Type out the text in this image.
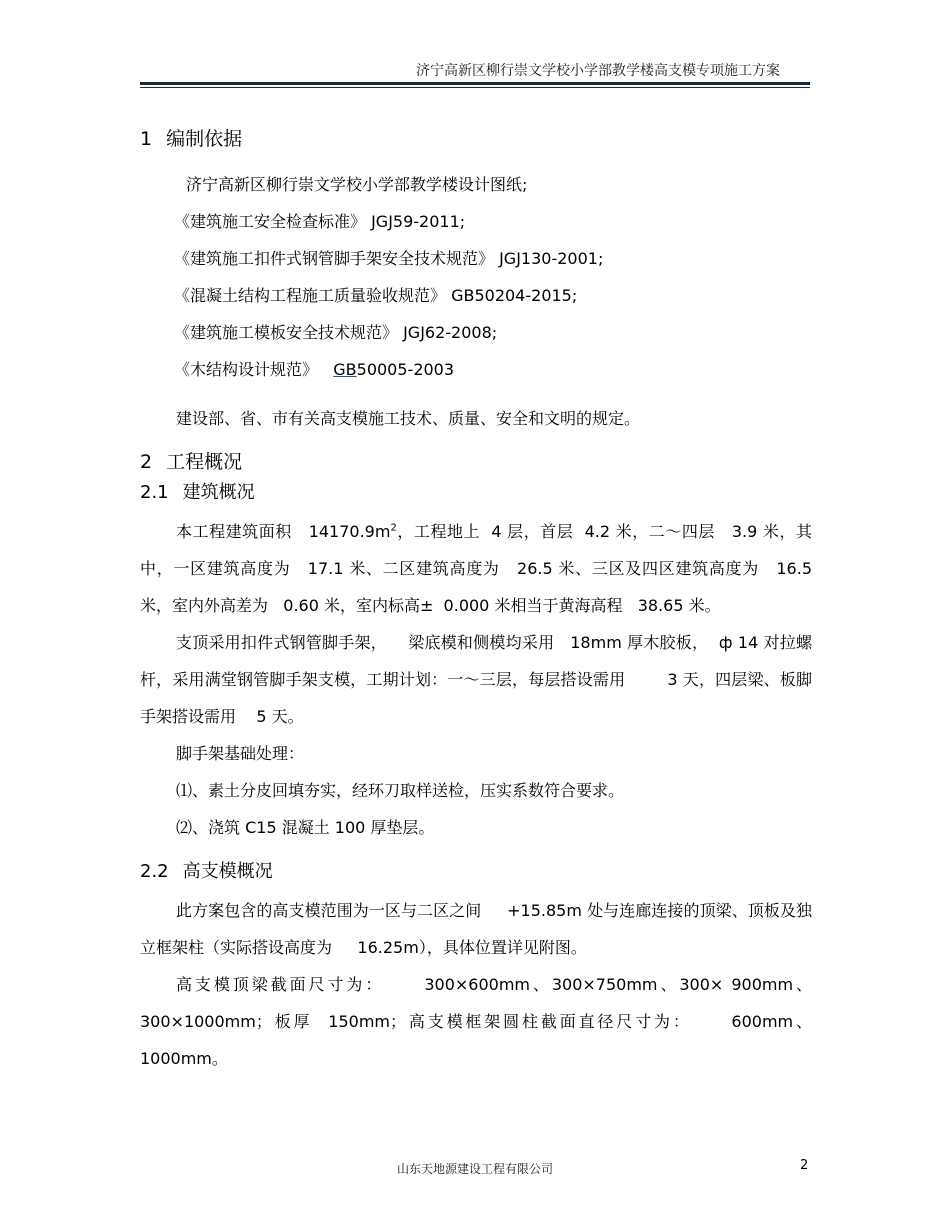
济宁高新区柳行崇文学校小学部教学楼高支模专项施工方案
1 编制依据

济宁高新区柳行崇文学校小学部教学楼设计图纸;

《建筑施工安全检查标准》 JGJ59-2011;

《建筑施工扣件式钢管脚手架安全技术规范》 JGJ130-2001;

《混凝土结构工程施工质量验收规范》 GB50204-2015;

《建筑施工模板安全技术规范》 JGJ62-2008;

《木结构设计规范》   GB50005-2003

建设部、省、市有关高支模施工技术、质量、安全和文明的规定。

2 工程概况
2.1 建筑概况

本工程建筑面积   $14170.9m^2$，工程地上  4 层，首层  4.2 米，二～四层   3.9 米，其中，一区建筑高度为   17.1 米、二区建筑高度为   26.5 米、三区及四区建筑高度为   16.5 米，室内外高差为   0.60 米，室内标高±  0.000 米相当于黄海高程   38.65 米。

支顶采用扣件式钢管脚手架，    梁底模和侧模均采用   18mm 厚木胶板，  ф 14 对拉螺杆，采用满堂钢管脚手架支模，工期计划：一～三层，每层搭设需用        3 天，四层梁、板脚手架搭设需用    5 天。

脚手架基础处理：

⑴、素土分皮回填夯实，经环刀取样送检，压实系数符合要求。

⑵、浇筑 C15 混凝土 100 厚垫层。

2.2 高支模概况

此方案包含的高支模范围为一区与二区之间     +15.85m 处与连廊连接的顶梁、顶板及独立框架柱（实际搭设高度为     16.25m），具体位置详见附图。

高支模顶梁截面尺寸为：     300×600mm、300×750mm、300× 900mm、300×1000mm；板厚  150mm；高支模框架圆柱截面直径尺寸为：     600mm、1000mm。

山东天地源建设工程有限公司	2
